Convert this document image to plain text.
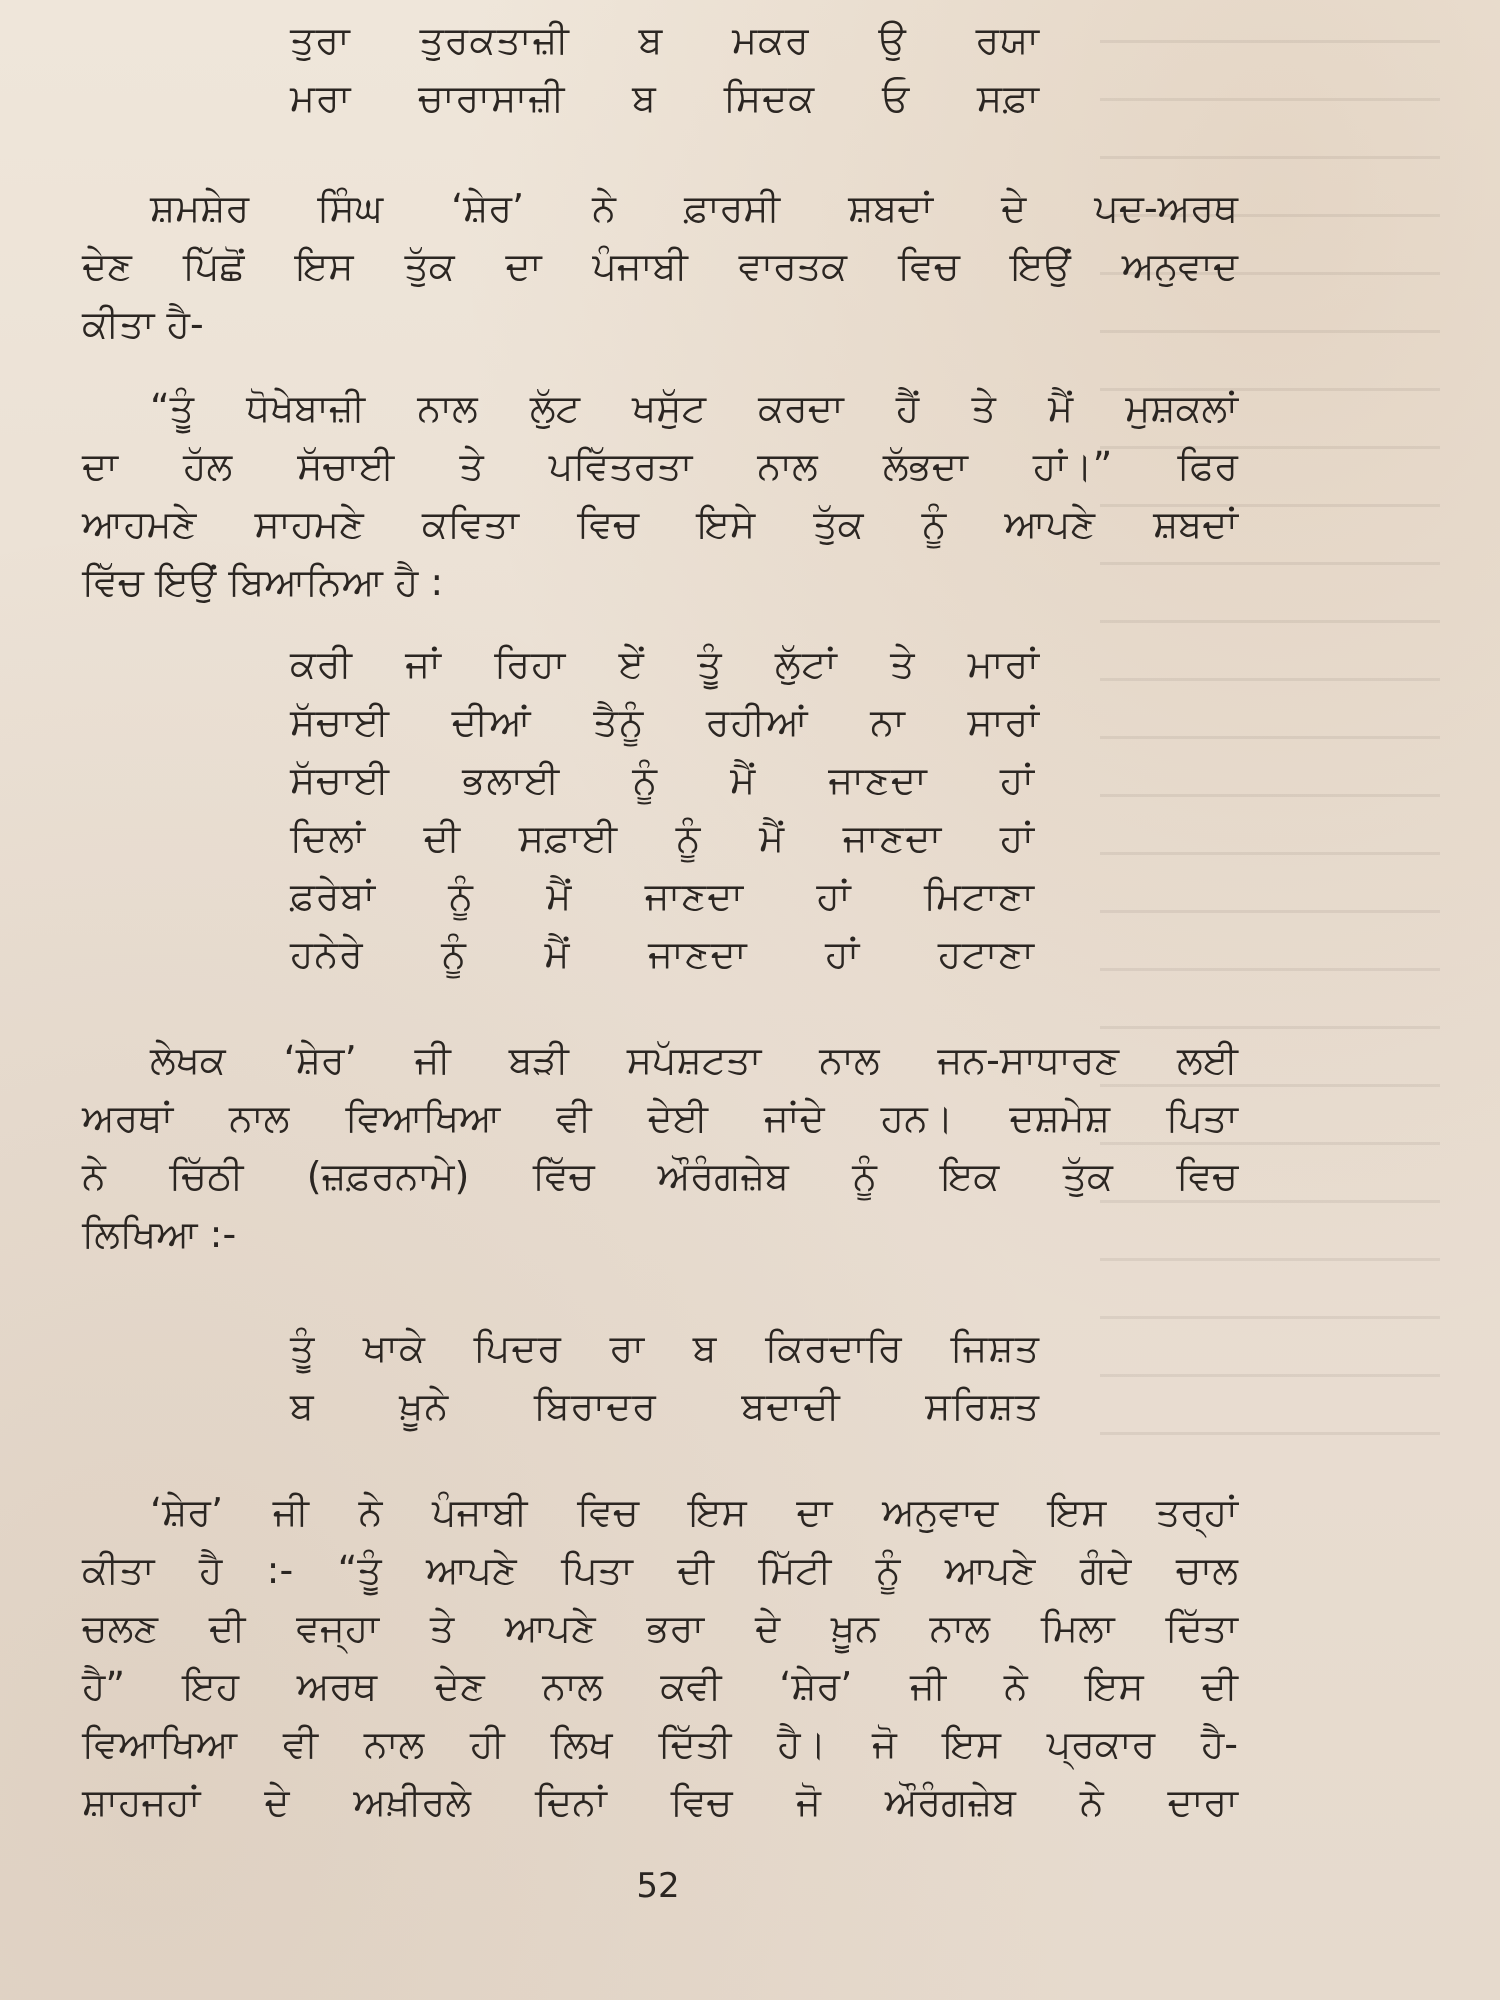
ਤੁਰਾ ਤੁਰਕਤਾਜ਼ੀ ਬ ਮਕਰ ਉ ਰਯਾ
ਮਰਾ ਚਾਰਾਸਾਜ਼ੀ ਬ ਸਿਦਕ ਓ ਸਫ਼ਾ
ਸ਼ਮਸ਼ੇਰ ਸਿੰਘ ‘ਸ਼ੇਰ’ ਨੇ ਫ਼ਾਰਸੀ ਸ਼ਬਦਾਂ ਦੇ ਪਦ-ਅਰਥ
ਦੇਣ ਪਿੱਛੋਂ ਇਸ ਤੁੱਕ ਦਾ ਪੰਜਾਬੀ ਵਾਰਤਕ ਵਿਚ ਇਉਂ ਅਨੁਵਾਦ
ਕੀਤਾ ਹੈ-
“ਤੂੰ ਧੋਖੇਬਾਜ਼ੀ ਨਾਲ ਲੁੱਟ ਖਸੁੱਟ ਕਰਦਾ ਹੈਂ ਤੇ ਮੈਂ ਮੁਸ਼ਕਲਾਂ
ਦਾ ਹੱਲ ਸੱਚਾਈ ਤੇ ਪਵਿੱਤਰਤਾ ਨਾਲ ਲੱਭਦਾ ਹਾਂ।” ਫਿਰ
ਆਹਮਣੇ ਸਾਹਮਣੇ ਕਵਿਤਾ ਵਿਚ ਇਸੇ ਤੁੱਕ ਨੂੰ ਆਪਣੇ ਸ਼ਬਦਾਂ
ਵਿੱਚ ਇਉਂ ਬਿਆਨਿਆ ਹੈ :
ਕਰੀ ਜਾਂ ਰਿਹਾ ਏਂ ਤੂੰ ਲੁੱਟਾਂ ਤੇ ਮਾਰਾਂ
ਸੱਚਾਈ ਦੀਆਂ ਤੈਨੂੰ ਰਹੀਆਂ ਨਾ ਸਾਰਾਂ
ਸੱਚਾਈ ਭਲਾਈ ਨੂੰ ਮੈਂ ਜਾਣਦਾ ਹਾਂ
ਦਿਲਾਂ ਦੀ ਸਫ਼ਾਈ ਨੂੰ ਮੈਂ ਜਾਣਦਾ ਹਾਂ
ਫ਼ਰੇਬਾਂ ਨੂੰ ਮੈਂ ਜਾਣਦਾ ਹਾਂ ਮਿਟਾਣਾ
ਹਨੇਰੇ ਨੂੰ ਮੈਂ ਜਾਣਦਾ ਹਾਂ ਹਟਾਣਾ
ਲੇਖਕ ‘ਸ਼ੇਰ’ ਜੀ ਬੜੀ ਸਪੱਸ਼ਟਤਾ ਨਾਲ ਜਨ-ਸਾਧਾਰਣ ਲਈ
ਅਰਥਾਂ ਨਾਲ ਵਿਆਖਿਆ ਵੀ ਦੇਈ ਜਾਂਦੇ ਹਨ। ਦਸ਼ਮੇਸ਼ ਪਿਤਾ
ਨੇ ਚਿੱਠੀ (ਜ਼ਫ਼ਰਨਾਮੇ) ਵਿੱਚ ਔਰੰਗਜ਼ੇਬ ਨੂੰ ਇਕ ਤੁੱਕ ਵਿਚ
ਲਿਖਿਆ :-
ਤੂੰ ਖਾਕੇ ਪਿਦਰ ਰਾ ਬ ਕਿਰਦਾਰਿ ਜਿਸ਼ਤ
ਬ ਖ਼ੂਨੇ ਬਿਰਾਦਰ ਬਦਾਦੀ ਸਰਿਸ਼ਤ
‘ਸ਼ੇਰ’ ਜੀ ਨੇ ਪੰਜਾਬੀ ਵਿਚ ਇਸ ਦਾ ਅਨੁਵਾਦ ਇਸ ਤਰ੍ਹਾਂ
ਕੀਤਾ ਹੈ :- “ਤੂੰ ਆਪਣੇ ਪਿਤਾ ਦੀ ਮਿੱਟੀ ਨੂੰ ਆਪਣੇ ਗੰਦੇ ਚਾਲ
ਚਲਣ ਦੀ ਵਜ੍ਹਾ ਤੇ ਆਪਣੇ ਭਰਾ ਦੇ ਖ਼ੂਨ ਨਾਲ ਮਿਲਾ ਦਿੱਤਾ
ਹੈ” ਇਹ ਅਰਥ ਦੇਣ ਨਾਲ ਕਵੀ ‘ਸ਼ੇਰ’ ਜੀ ਨੇ ਇਸ ਦੀ
ਵਿਆਖਿਆ ਵੀ ਨਾਲ ਹੀ ਲਿਖ ਦਿੱਤੀ ਹੈ। ਜੋ ਇਸ ਪ੍ਰਕਾਰ ਹੈ-
ਸ਼ਾਹਜਹਾਂ ਦੇ ਅਖ਼ੀਰਲੇ ਦਿਨਾਂ ਵਿਚ ਜੋ ਔਰੰਗਜ਼ੇਬ ਨੇ ਦਾਰਾ
52
